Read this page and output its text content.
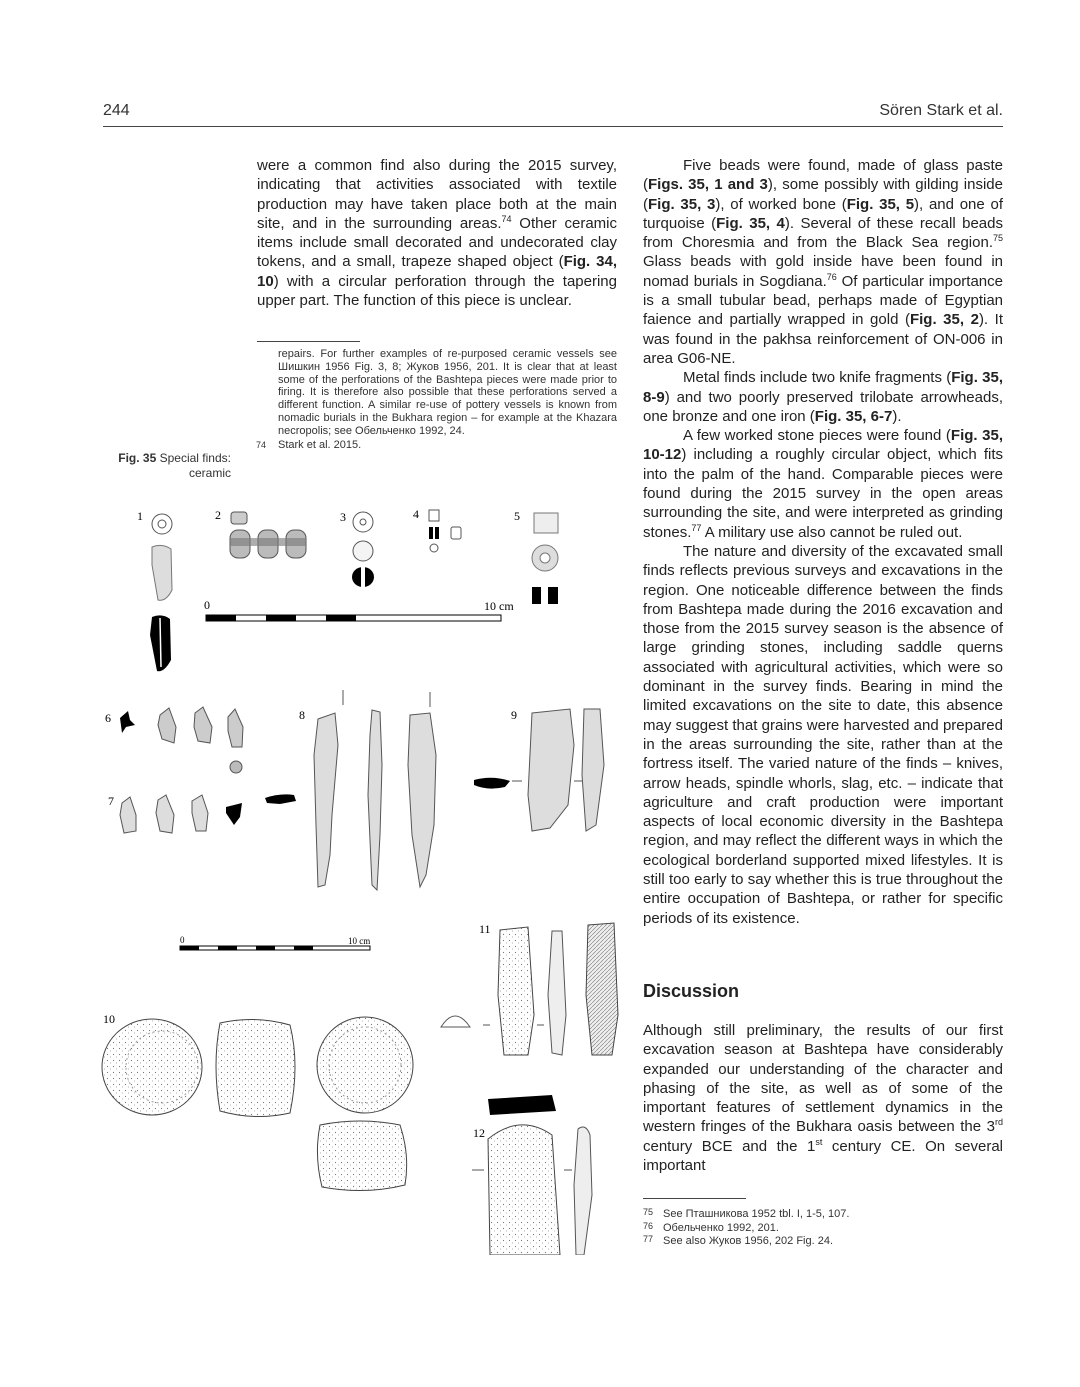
244	Sören Stark et al.

were a common find also during the 2015 survey, indicating that activities associated with textile production may have taken place both at the main site, and in the surrounding areas.$^{74}$ Other ceramic items include small decorated and undecorated clay tokens, and a small, trapeze shaped object (Fig. 34, 10) with a circular perforation through the tapering upper part. The function of this piece is unclear.

repairs. For further examples of re-purposed ceramic vessels see Шишкин 1956 Fig. 3, 8; Жуков 1956, 201. It is clear that at least some of the perforations of the Bashtepa pieces were made prior to firing. It is therefore also possible that these perforations served a different function. A similar re-use of pottery vessels is known from nomadic burials in the Bukhara region – for example at the Khazara necropolis; see Обельченко 1992, 24.

74 Stark et al. 2015.

Fig. 35 Special finds: ceramic
1	2	3	4	5
6
7
8	9
10
11
12
0	10 cm
0	10 cm

Five beads were found, made of glass paste (Figs. 35, 1 and 3), some possibly with gilding inside (Fig. 35, 3), of worked bone (Fig. 35, 5), and one of turquoise (Fig. 35, 4). Several of these recall beads from Choresmia and from the Black Sea region.$^{75}$ Glass beads with gold inside have been found in nomad burials in Sogdiana.$^{76}$ Of particular importance is a small tubular bead, perhaps made of Egyptian faience and partially wrapped in gold (Fig. 35, 2). It was found in the pakhsa reinforcement of ON-006 in area G06-NE.

Metal finds include two knife fragments (Fig. 35, 8-9) and two poorly preserved trilobate arrowheads, one bronze and one iron (Fig. 35, 6-7).

A few worked stone pieces were found (Fig. 35, 10-12) including a roughly circular object, which fits into the palm of the hand. Comparable pieces were found during the 2015 survey in the open areas surrounding the site, and were interpreted as grinding stones.$^{77}$ A military use also cannot be ruled out.

The nature and diversity of the excavated small finds reflects previous surveys and excavations in the region. One noticeable difference between the finds from Bashtepa made during the 2016 excavation and those from the 2015 survey season is the absence of large grinding stones, including saddle querns associated with agricultural activities, which were so dominant in the survey finds. Bearing in mind the limited excavations on the site to date, this absence may suggest that grains were harvested and prepared in the areas surrounding the site, rather than at the fortress itself. The varied nature of the finds – knives, arrow heads, spindle whorls, slag, etc. – indicate that agriculture and craft production were important aspects of local economic diversity in the Bashtepa region, and may reflect the different ways in which the ecological borderland supported mixed lifestyles. It is still too early to say whether this is true throughout the entire occupation of Bashtepa, or rather for specific periods of its existence.

Discussion

Although still preliminary, the results of our first excavation season at Bashtepa have considerably expanded our understanding of the character and phasing of the site, as well as of some of the important features of settlement dynamics in the western fringes of the Bukhara oasis between the 3rd century BCE and the 1st century CE. On several important

75 See Пташникова 1952 tbl. I, 1-5, 107.
76 Обельченко 1992, 201.
77 See also Жуков 1956, 202 Fig. 24.
